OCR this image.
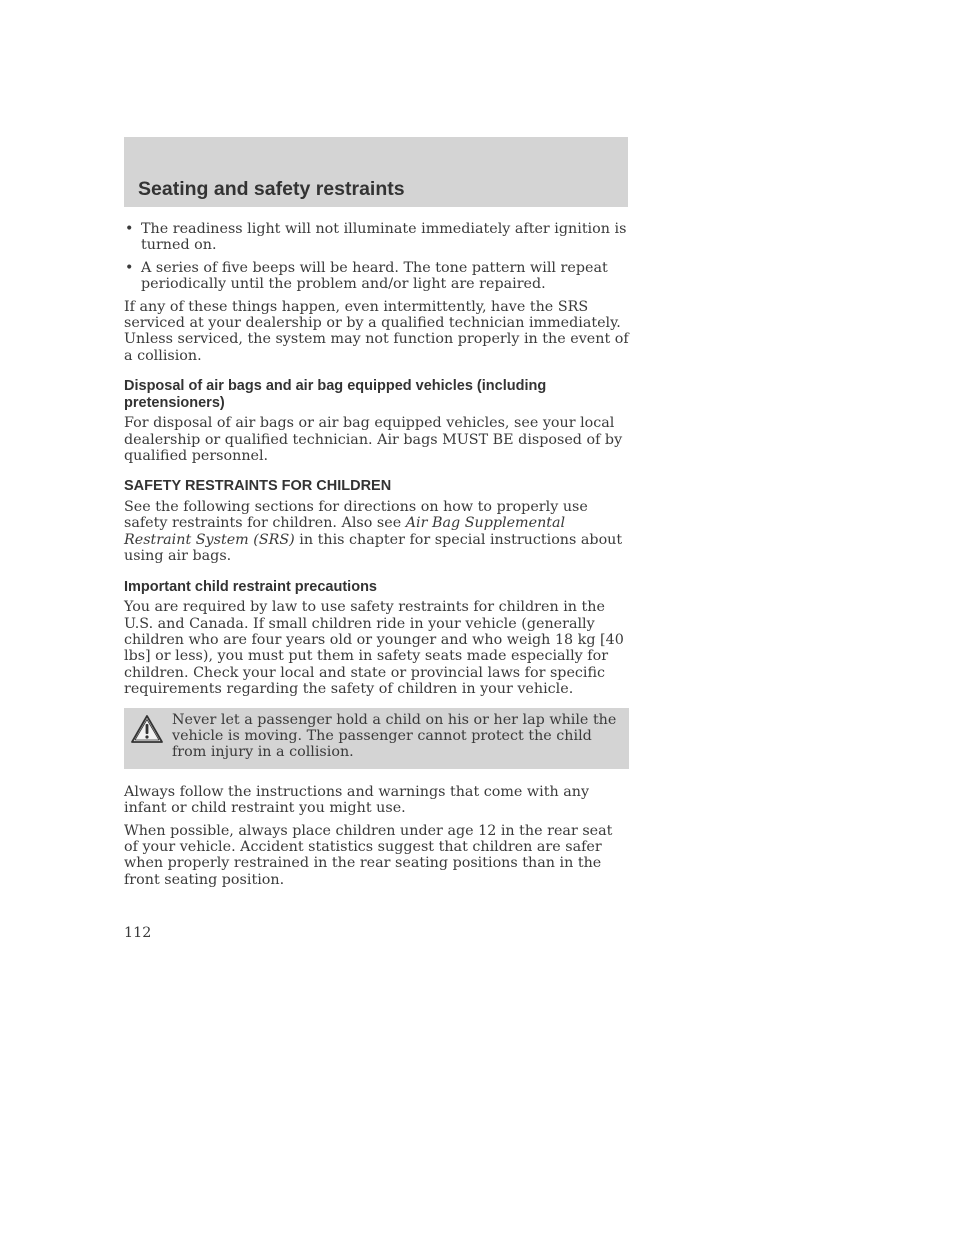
Seating and safety restraints
• The readiness light will not illuminate immediately after ignition is turned on.
• A series of five beeps will be heard. The tone pattern will repeat periodically until the problem and/or light are repaired.

If any of these things happen, even intermittently, have the SRS serviced at your dealership or by a qualified technician immediately. Unless serviced, the system may not function properly in the event of a collision.

Disposal of air bags and air bag equipped vehicles (including pretensioners)

For disposal of air bags or air bag equipped vehicles, see your local dealership or qualified technician. Air bags MUST BE disposed of by qualified personnel.

SAFETY RESTRAINTS FOR CHILDREN

See the following sections for directions on how to properly use safety restraints for children. Also see Air Bag Supplemental Restraint System (SRS) in this chapter for special instructions about using air bags.

Important child restraint precautions

You are required by law to use safety restraints for children in the U.S. and Canada. If small children ride in your vehicle (generally children who are four years old or younger and who weigh 18 kg [40 lbs] or less), you must put them in safety seats made especially for children. Check your local and state or provincial laws for specific requirements regarding the safety of children in your vehicle.

Never let a passenger hold a child on his or her lap while the vehicle is moving. The passenger cannot protect the child from injury in a collision.

Always follow the instructions and warnings that come with any infant or child restraint you might use.

When possible, always place children under age 12 in the rear seat of your vehicle. Accident statistics suggest that children are safer when properly restrained in the rear seating positions than in the front seating position.

112
